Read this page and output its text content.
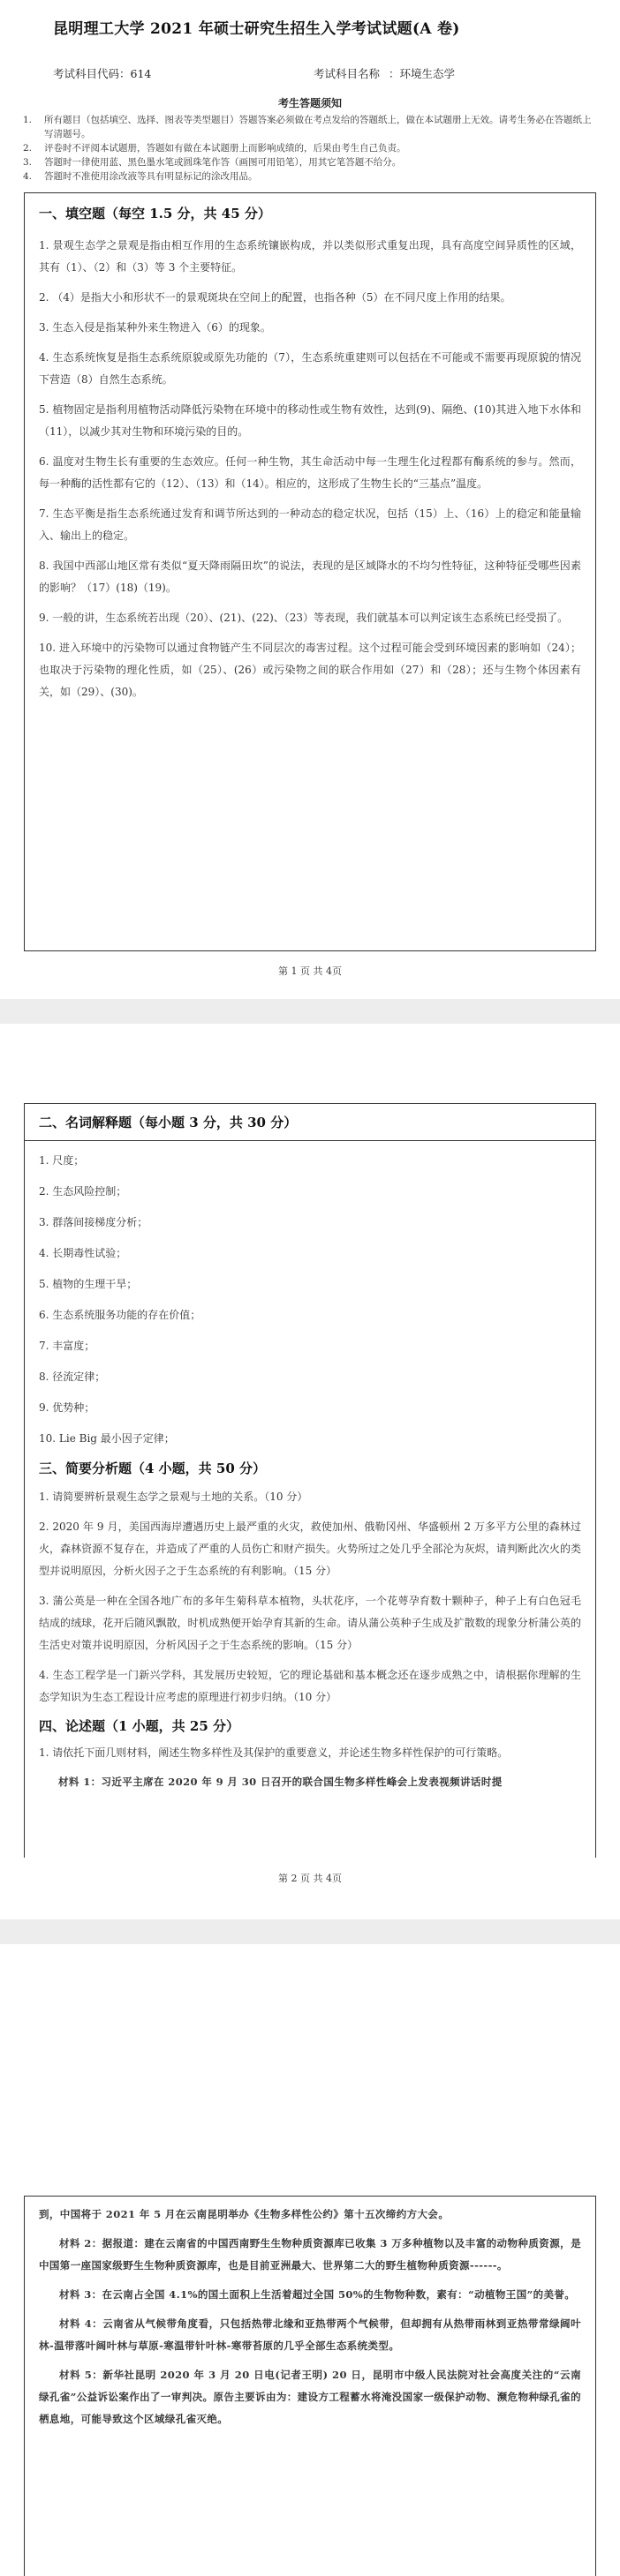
昆明理工大学 2021 年硕士研究生招生入学考试试题(A 卷)
考试科目代码：614	考试科目名称 ：环境生态学
考生答题须知
1.	所有题目（包括填空、选择、图表等类型题目）答题答案必须做在考点发给的答题纸上，做在本试题册上无效。请考生务必在答题纸上写清题号。
2.	评卷时不评阅本试题册，答题如有做在本试题册上而影响成绩的，后果由考生自己负责。
3.	答题时一律使用蓝、黑色墨水笔或圆珠笔作答（画图可用铅笔），用其它笔答题不给分。
4.	答题时不准使用涂改液等具有明显标记的涂改用品。
一、填空题（每空 1.5 分，共 45 分）
1. 景观生态学之景观是指由相互作用的生态系统镶嵌构成，并以类似形式重复出现，具有高度空间异质性的区域，其有（1）、（2）和（3）等 3 个主要特征。
2. （4）是指大小和形状不一的景观斑块在空间上的配置，也指各种（5）在不同尺度上作用的结果。
3. 生态入侵是指某种外来生物进入（6）的现象。
4. 生态系统恢复是指生态系统原貌或原先功能的（7），生态系统重建则可以包括在不可能或不需要再现原貌的情况下营造（8）自然生态系统。
5. 植物固定是指利用植物活动降低污染物在环境中的移动性或生物有效性，达到(9)、隔绝、(10)其进入地下水体和（11），以减少其对生物和环境污染的目的。
6. 温度对生物生长有重要的生态效应。任何一种生物，其生命活动中每一生理生化过程都有酶系统的参与。然而，每一种酶的活性都有它的（12）、（13）和（14）。相应的，这形成了生物生长的“三基点”温度。
7. 生态平衡是指生态系统通过发育和调节所达到的一种动态的稳定状况，包括（15）上、（16）上的稳定和能量输入、输出上的稳定。
8. 我国中西部山地区常有类似“夏天降雨隔田坎”的说法，表现的是区域降水的不均匀性特征，这种特征受哪些因素的影响？（17）(18)（19)。
9. 一般的讲，生态系统若出现（20）、(21)、(22)、（23）等表现，我们就基本可以判定该生态系统已经受损了。
10. 进入环境中的污染物可以通过食物链产生不同层次的毒害过程。这个过程可能会受到环境因素的影响如（24）；也取决于污染物的理化性质，如（25）、(26）或污染物之间的联合作用如（27）和（28）；还与生物个体因素有关，如（29）、(30)。
第 1 页 共 4页
二、名词解释题（每小题 3 分，共 30 分）
1. 尺度；
2. 生态风险控制；
3. 群落间接梯度分析；
4. 长期毒性试验；
5. 植物的生理干旱；
6. 生态系统服务功能的存在价值；
7. 丰富度；
8. 径流定律；
9. 优势种；
10. Lie Big 最小因子定律；
三、简要分析题（4 小题，共 50 分）
1. 请简要辨析景观生态学之景观与土地的关系。（10 分）
2. 2020 年 9 月，美国西海岸遭遇历史上最严重的火灾，救使加州、俄勒冈州、华盛顿州 2 万多平方公里的森林过火，森林资源不复存在，并造成了严重的人员伤亡和财产损失。火势所过之处几乎全部沦为灰烬，请判断此次火的类型并说明原因，分析火因子之于生态系统的有利影响。（15 分）
3. 蒲公英是一种在全国各地广布的多年生菊科草本植物，头状花序，一个花萼孕育数十颗种子，种子上有白色冠毛结成的绒球，花开后随风飘散，时机成熟便开始孕育其新的生命。请从蒲公英种子生成及扩散数的现象分析蒲公英的生活史对策并说明原因，分析风因子之于生态系统的影响。（15 分）
4. 生态工程学是一门新兴学科，其发展历史较短，它的理论基础和基本概念还在逐步成熟之中，请根据你理解的生态学知识为生态工程设计应考虑的原理进行初步归纳。（10 分）
四、论述题（1 小题，共 25 分）
1. 请依托下面几则材料，阐述生物多样性及其保护的重要意义，并论述生物多样性保护的可行策略。
材料 1：习近平主席在 2020 年 9 月 30 日召开的联合国生物多样性峰会上发表视频讲话时提
第 2 页 共 4页
到，中国将于 2021 年 5 月在云南昆明举办《生物多样性公约》第十五次缔约方大会。
材料 2：据报道：建在云南省的中国西南野生生物种质资源库已收集 3 万多种植物以及丰富的动物种质资源，是中国第一座国家级野生生物种质资源库，也是目前亚洲最大、世界第二大的野生植物种质资源------。
材料 3：在云南占全国 4.1%的国土面积上生活着超过全国 50%的生物物种数，素有：“动植物王国”的美誉。
材料 4：云南省从气候带角度看，只包括热带北缘和亚热带两个气候带，但却拥有从热带雨林到亚热带常绿阔叶林-温带落叶阔叶林与草原-寒温带针叶林-寒带苔原的几乎全部生态系统类型。
材料 5：新华社昆明 2020 年 3 月 20 日电(记者王明) 20 日，昆明市中级人民法院对社会高度关注的“云南绿孔雀”公益诉讼案作出了一审判决。原告主要诉由为：建设方工程蓄水将淹没国家一级保护动物、濒危物种绿孔雀的栖息地，可能导致这个区域绿孔雀灭绝。
